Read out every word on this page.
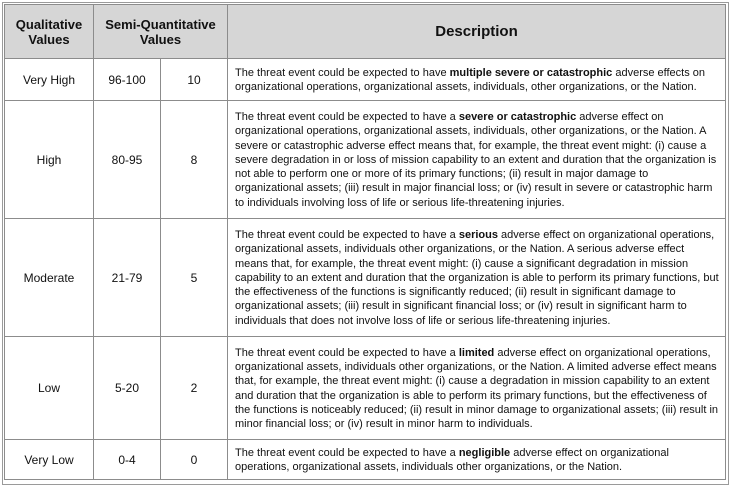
Qualitative Values	Semi-Quantitative Values		Description
Very High	96-100	10	The threat event could be expected to have multiple severe or catastrophic adverse effects on organizational operations, organizational assets, individuals, other organizations, or the Nation.
High	80-95	8	The threat event could be expected to have a severe or catastrophic adverse effect on organizational operations, organizational assets, individuals, other organizations, or the Nation. A severe or catastrophic adverse effect means that, for example, the threat event might: (i) cause a severe degradation in or loss of mission capability to an extent and duration that the organization is not able to perform one or more of its primary functions; (ii) result in major damage to organizational assets; (iii) result in major financial loss; or (iv) result in severe or catastrophic harm to individuals involving loss of life or serious life-threatening injuries.
Moderate	21-79	5	The threat event could be expected to have a serious adverse effect on organizational operations, organizational assets, individuals other organizations, or the Nation. A serious adverse effect means that, for example, the threat event might: (i) cause a significant degradation in mission capability to an extent and duration that the organization is able to perform its primary functions, but the effectiveness of the functions is significantly reduced; (ii) result in significant damage to organizational assets; (iii) result in significant financial loss; or (iv) result in significant harm to individuals that does not involve loss of life or serious life-threatening injuries.
Low	5-20	2	The threat event could be expected to have a limited adverse effect on organizational operations, organizational assets, individuals other organizations, or the Nation. A limited adverse effect means that, for example, the threat event might: (i) cause a degradation in mission capability to an extent and duration that the organization is able to perform its primary functions, but the effectiveness of the functions is noticeably reduced; (ii) result in minor damage to organizational assets; (iii) result in minor financial loss; or (iv) result in minor harm to individuals.
Very Low	0-4	0	The threat event could be expected to have a negligible adverse effect on organizational operations, organizational assets, individuals other organizations, or the Nation.
